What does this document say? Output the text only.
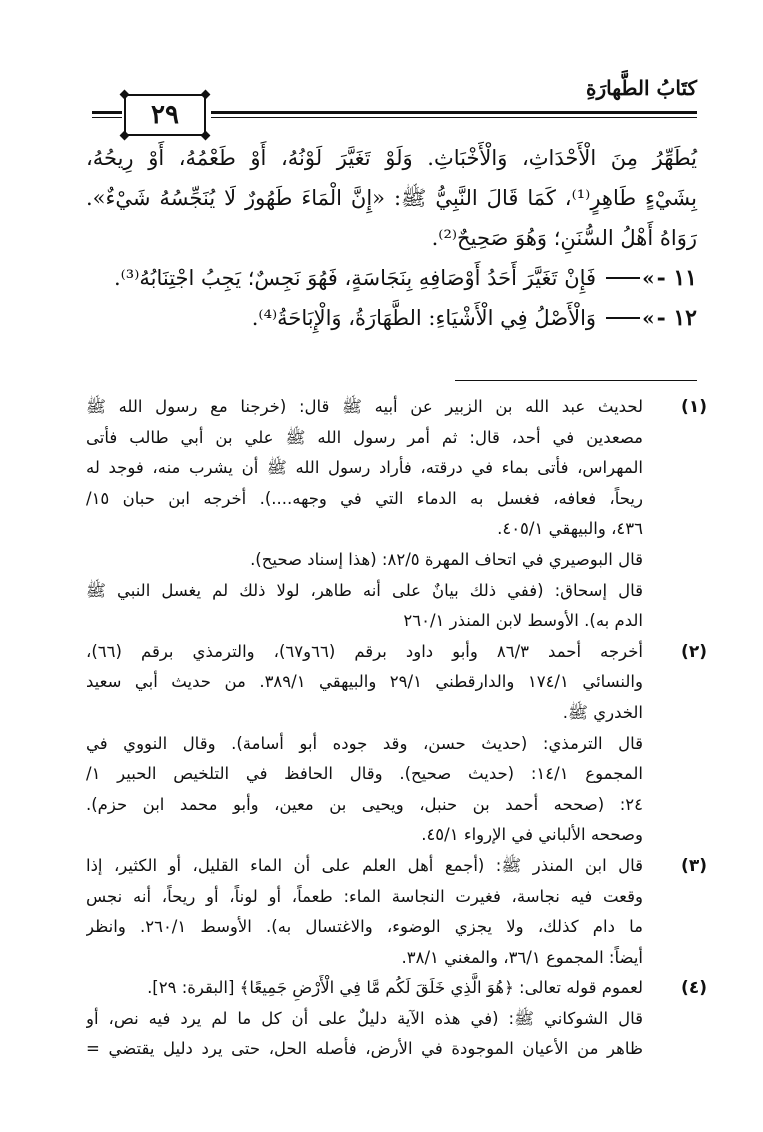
كتَابُ الطَّهارَةِ
٢٩
يُطَهِّرُ مِنَ الْأَحْدَاثِ، وَالْأَخْبَاثِ. وَلَوْ تَغَيَّرَ لَوْنُهُ، أَوْ طَعْمُهُ، أَوْ رِيحُهُ،
بِشَيْءٍ طَاهِرٍ⁽¹⁾، كَمَا قَالَ النَّبِيُّ ﷺ: «إِنَّ الْمَاءَ طَهُورٌ لَا يُنَجِّسُهُ شَيْءٌ».
رَوَاهُ أَهْلُ السُّنَنِ؛ وَهُوَ صَحِيحٌ⁽²⁾.
١١ -
»
فَإِنْ تَغَيَّرَ أَحَدُ أَوْصَافِهِ بِنَجَاسَةٍ، فَهُوَ نَجِسٌ؛ يَجِبُ اجْتِنَابُهُ⁽³⁾.
١٢ -
»
وَالْأَصْلُ فِي الْأَشْيَاءِ: الطَّهَارَةُ، وَالْإِبَاحَةُ⁽⁴⁾.
(١)
لحديث عبد الله بن الزبير عن أبيه ﷺ قال: (خرجنا مع رسول الله ﷺ
مصعدين في أحد، قال: ثم أمر رسول الله ﷺ علي بن أبي طالب فأتى
المهراس، فأتى بماء في درقته، فأراد رسول الله ﷺ أن يشرب منه، فوجد له
ريحاً، فعافه، فغسل به الدماء التي في وجهه....). أخرجه ابن حبان ١٥/
٤٣٦، والبيهقي ٤٠٥/١.
قال البوصيري في اتحاف المهرة ٨٢/٥: (هذا إسناد صحيح).
قال إسحاق: (ففي ذلك بيانٌ على أنه طاهر، لولا ذلك لم يغسل النبي ﷺ
الدم به). الأوسط لابن المنذر ٢٦٠/١
(٢)
أخرجه أحمد ٨٦/٣ وأبو داود برقم (٦٦و٦٧)، والترمذي برقم (٦٦)،
والنسائي ١٧٤/١ والدارقطني ٢٩/١ والبيهقي ٣٨٩/١. من حديث أبي سعيد
الخدري ﷺ.
قال الترمذي: (حديث حسن، وقد جوده أبو أسامة). وقال النووي في
المجموع ١٤/١: (حديث صحيح). وقال الحافظ في التلخيص الحبير ١/
٢٤: (صححه أحمد بن حنبل، ويحيى بن معين، وأبو محمد ابن حزم).
وصححه الألباني في الإرواء ٤٥/١.
(٣)
قال ابن المنذر ﷺ: (أجمع أهل العلم على أن الماء القليل، أو الكثير، إذا
وقعت فيه نجاسة، فغيرت النجاسة الماء: طعماً، أو لوناً، أو ريحاً، أنه نجس
ما دام كذلك، ولا يجزي الوضوء، والاغتسال به). الأوسط ٢٦٠/١. وانظر
أيضاً: المجموع ٣٦/١، والمغني ٣٨/١.
(٤)
لعموم قوله تعالى: ﴿هُوَ الَّذِي خَلَقَ لَكُم مَّا فِي الْأَرْضِ جَمِيعًا﴾ [البقرة: ٢٩].
قال الشوكاني ﷺ: (في هذه الآية دليلٌ على أن كل ما لم يرد فيه نص، أو
ظاهر من الأعيان الموجودة في الأرض، فأصله الحل، حتى يرد دليل يقتضي =
